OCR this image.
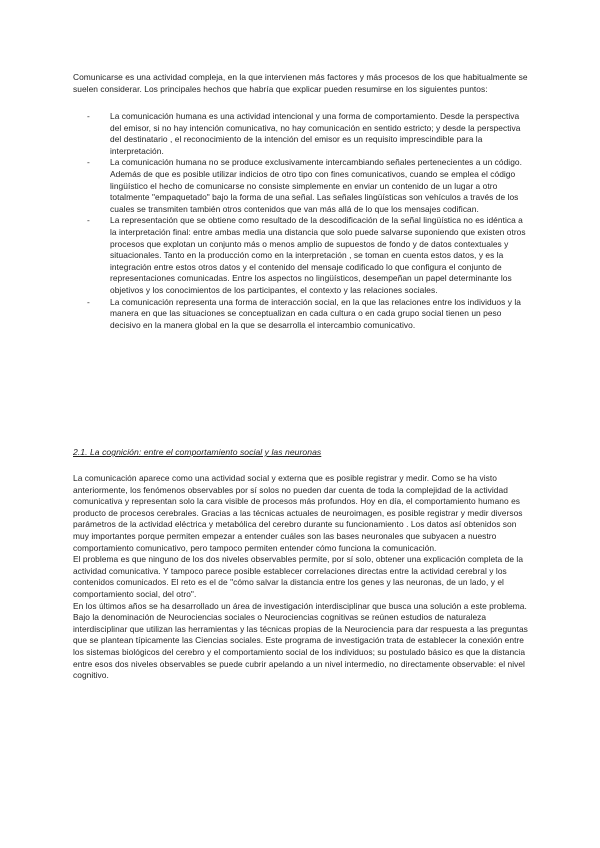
Comunicarse es una actividad compleja, en la que intervienen más factores y más procesos de los que habitualmente se suelen considerar. Los principales hechos que habría que explicar pueden resumirse en los siguientes puntos:

- La comunicación humana es una actividad intencional y una forma de comportamiento. Desde la perspectiva del emisor, si no hay intención comunicativa, no hay comunicación en sentido estricto; y desde la perspectiva del destinatario , el reconocimiento de la intención del emisor es un requisito imprescindible para la interpretación.
- La comunicación humana no se produce exclusivamente intercambiando señales pertenecientes a un código. Además de que es posible utilizar indicios de otro tipo con fines comunicativos, cuando se emplea el código lingüístico el hecho de comunicarse no consiste simplemente en enviar un contenido de un lugar a otro totalmente "empaquetado" bajo la forma de una señal. Las señales lingüísticas son vehículos a través de los cuales se transmiten también otros contenidos que van más allá de lo que los mensajes codifican.
- La representación que se obtiene como resultado de la descodificación de la señal lingüística no es idéntica a la interpretación final: entre ambas media una distancia que solo puede salvarse suponiendo que existen otros procesos que explotan un conjunto más o menos amplio de supuestos de fondo y de datos contextuales y situacionales. Tanto en la producción como en la interpretación , se toman en cuenta estos datos, y es la integración entre estos otros datos y el contenido del mensaje codificado lo que configura el conjunto de representaciones comunicadas. Entre los aspectos no lingüísticos, desempeñan un papel determinante los objetivos y los conocimientos de los participantes, el contexto y las relaciones sociales.
- La comunicación representa una forma de interacción social, en la que las relaciones entre los individuos y la manera en que las situaciones se conceptualizan en cada cultura o en cada grupo social tienen un peso decisivo en la manera global en la que se desarrolla el intercambio comunicativo.

2.1. La cognición: entre el comportamiento social y las neuronas

La comunicación aparece como una actividad social y externa que es posible registrar y medir. Como se ha visto anteriormente, los fenómenos observables por sí solos no pueden dar cuenta de toda la complejidad de la actividad comunicativa y representan solo la cara visible de procesos más profundos. Hoy en día, el comportamiento humano es producto de procesos cerebrales. Gracias a las técnicas actuales de neuroimagen, es posible registrar y medir diversos parámetros de la actividad eléctrica y metabólica del cerebro durante su funcionamiento . Los datos así obtenidos son muy importantes porque permiten empezar a entender cuáles son las bases neuronales que subyacen a nuestro comportamiento comunicativo, pero tampoco permiten entender cómo funciona la comunicación.

El problema es que ninguno de los dos niveles observables permite, por sí solo, obtener una explicación completa de la actividad comunicativa. Y tampoco parece posible establecer correlaciones directas entre la actividad cerebral y los contenidos comunicados. El reto es el de "cómo salvar la distancia entre los genes y las neuronas, de un lado, y el comportamiento social, del otro".

En los últimos años se ha desarrollado un área de investigación interdisciplinar que busca una solución a este problema. Bajo la denominación de Neurociencias sociales o Neurociencias cognitivas se reúnen estudios de naturaleza interdisciplinar que utilizan las herramientas y las técnicas propias de la Neurociencia para dar respuesta a las preguntas que se plantean típicamente las Ciencias sociales. Este programa de investigación trata de establecer la conexión entre los sistemas biológicos del cerebro y el comportamiento social de los individuos; su postulado básico es que la distancia entre esos dos niveles observables se puede cubrir apelando a un nivel intermedio, no directamente observable: el nivel cognitivo.
